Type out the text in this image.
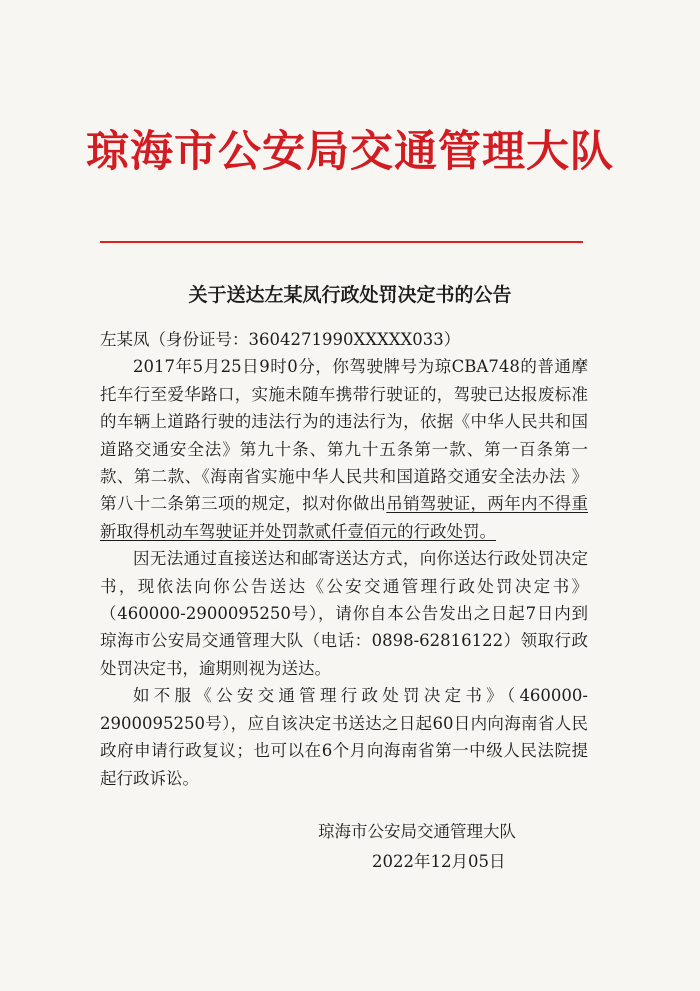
琼海市公安局交通管理大队
关于送达左某凤行政处罚决定书的公告

左某凤（身份证号：3604271990XXXXX033）

2017年5月25日9时0分，你驾驶牌号为琼CBA748的普通摩托车行至爱华路口，实施未随车携带行驶证的，驾驶已达报废标准的车辆上道路行驶的违法行为的违法行为，依据《中华人民共和国道路交通安全法》第九十条、第九十五条第一款、第一百条第一款、第二款、《海南省实施中华人民共和国道路交通安全法办法 》第八十二条第三项的规定，拟对你做出吊销驾驶证，两年内不得重新取得机动车驾驶证并处罚款贰仟壹佰元的行政处罚。

因无法通过直接送达和邮寄送达方式，向你送达行政处罚决定书，现依法向你公告送达《公安交通管理行政处罚决定书》（460000-2900095250号），请你自本公告发出之日起7日内到琼海市公安局交通管理大队（电话：0898-62816122）领取行政处罚决定书，逾期则视为送达。

如不服《公安交通管理行政处罚决定书》（460000-2900095250号），应自该决定书送达之日起60日内向海南省人民政府申请行政复议；也可以在6个月向海南省第一中级人民法院提起行政诉讼。

琼海市公安局交通管理大队
2022年12月05日
